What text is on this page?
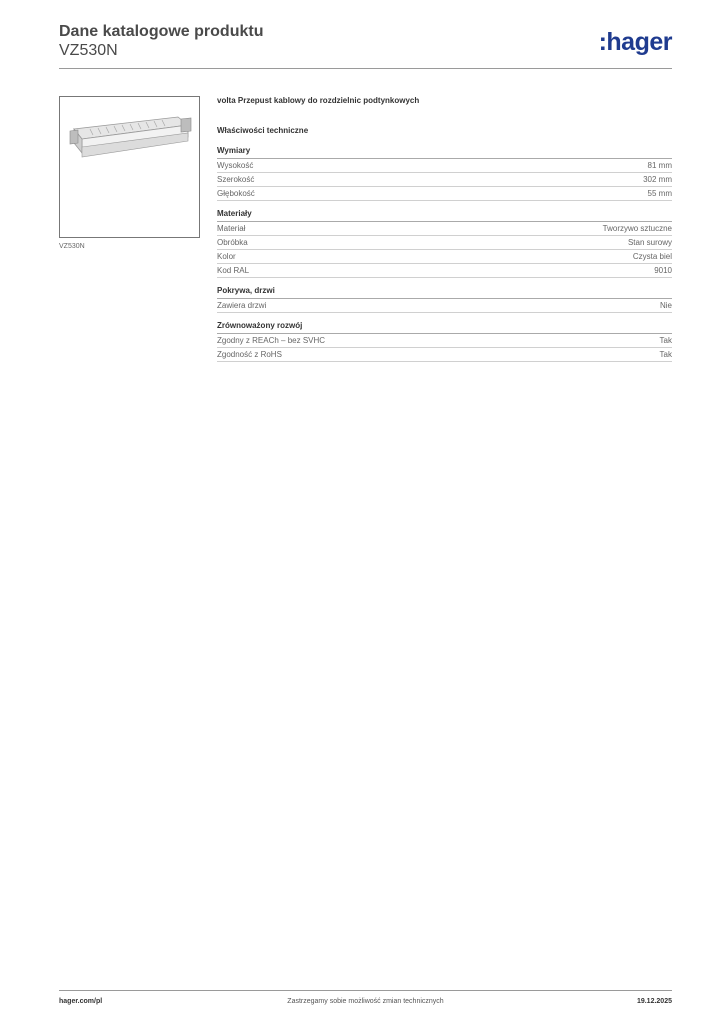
Dane katalogowe produktu
VZ530N	:hager
VZ530N
volta Przepust kablowy do rozdzielnic podtynkowych
Właściwości techniczne
Wymiary
Wysokość	81 mm
Szerokość	302 mm
Głębokość	55 mm
Materiały
Materiał	Tworzywo sztuczne
Obróbka	Stan surowy
Kolor	Czysta biel
Kod RAL	9010
Pokrywa, drzwi
Zawiera drzwi	Nie
Zrównoważony rozwój
Zgodny z REACh – bez SVHC	Tak
Zgodność z RoHS	Tak
hager.com/pl	Zastrzegamy sobie możliwość zmian technicznych	19.12.2025
